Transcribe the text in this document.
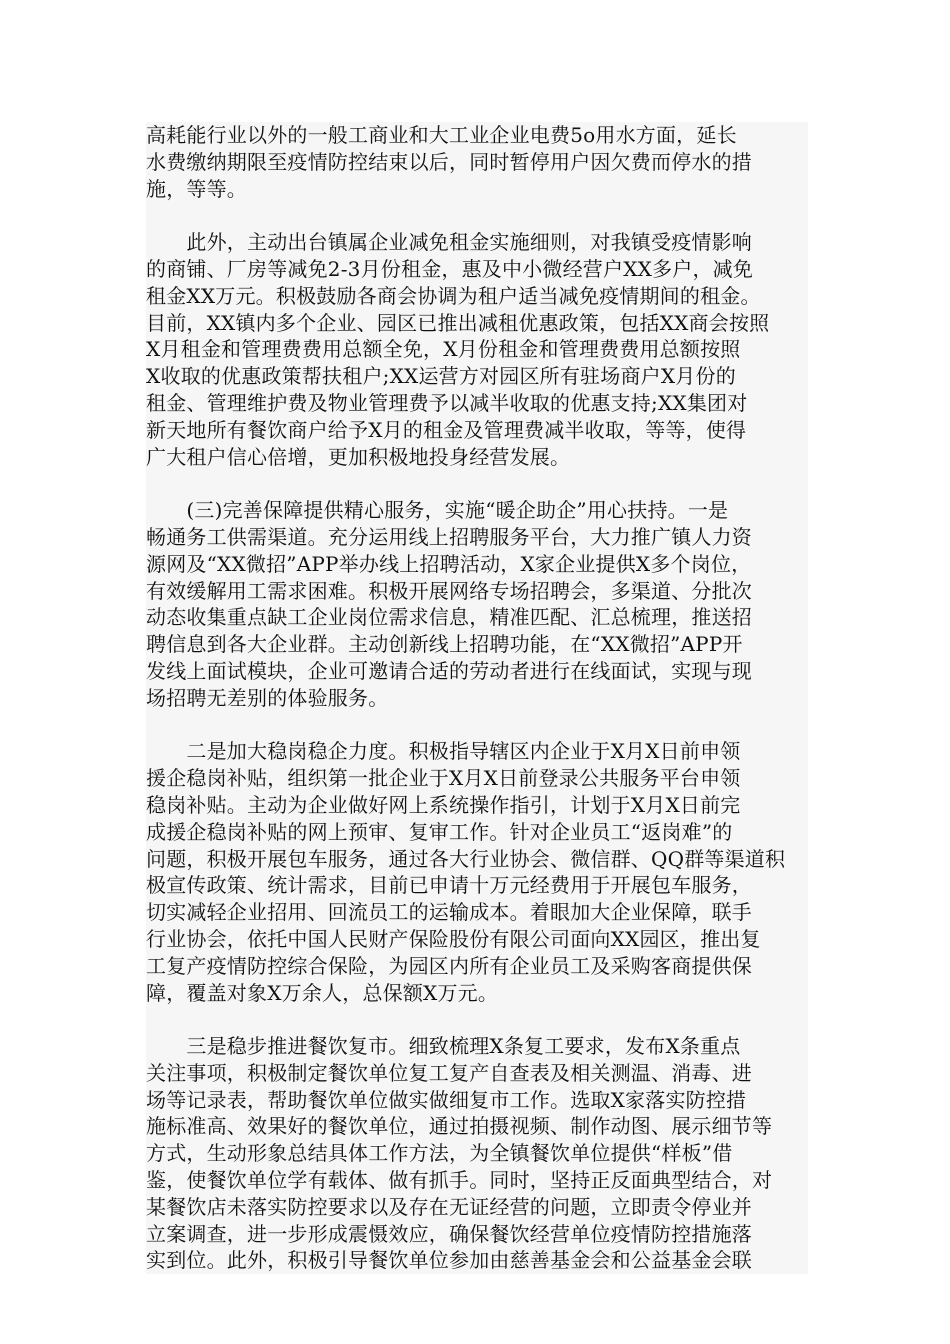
高耗能行业以外的一般工商业和大工业企业电费5o用水方面，延长
水费缴纳期限至疫情防控结束以后，同时暂停用户因欠费而停水的措
施，等等。
　　此外，主动出台镇属企业减免租金实施细则，对我镇受疫情影响
的商铺、厂房等减免2-3月份租金，惠及中小微经营户XX多户，减免
租金XX万元。积极鼓励各商会协调为租户适当减免疫情期间的租金。
目前，XX镇内多个企业、园区已推出减租优惠政策，包括XX商会按照
X月租金和管理费费用总额全免，X月份租金和管理费费用总额按照
X收取的优惠政策帮扶租户;XX运营方对园区所有驻场商户X月份的
租金、管理维护费及物业管理费予以减半收取的优惠支持;XX集团对
新天地所有餐饮商户给予X月的租金及管理费减半收取，等等，使得
广大租户信心倍增，更加积极地投身经营发展。
　　(三)完善保障提供精心服务，实施“暖企助企”用心扶持。一是
畅通务工供需渠道。充分运用线上招聘服务平台，大力推广镇人力资
源网及“XX微招”APP举办线上招聘活动，X家企业提供X多个岗位，
有效缓解用工需求困难。积极开展网络专场招聘会，多渠道、分批次
动态收集重点缺工企业岗位需求信息，精准匹配、汇总梳理，推送招
聘信息到各大企业群。主动创新线上招聘功能，在“XX微招”APP开
发线上面试模块，企业可邀请合适的劳动者进行在线面试，实现与现
场招聘无差别的体验服务。
　　二是加大稳岗稳企力度。积极指导辖区内企业于X月X日前申领
援企稳岗补贴，组织第一批企业于X月X日前登录公共服务平台申领
稳岗补贴。主动为企业做好网上系统操作指引，计划于X月X日前完
成援企稳岗补贴的网上预审、复审工作。针对企业员工“返岗难”的
问题，积极开展包车服务，通过各大行业协会、微信群、QQ群等渠道积
极宣传政策、统计需求，目前已申请十万元经费用于开展包车服务，
切实减轻企业招用、回流员工的运输成本。着眼加大企业保障，联手
行业协会，依托中国人民财产保险股份有限公司面向XX园区，推出复
工复产疫情防控综合保险，为园区内所有企业员工及采购客商提供保
障，覆盖对象X万余人，总保额X万元。
　　三是稳步推进餐饮复市。细致梳理X条复工要求，发布X条重点
关注事项，积极制定餐饮单位复工复产自查表及相关测温、消毒、进
场等记录表，帮助餐饮单位做实做细复市工作。选取X家落实防控措
施标准高、效果好的餐饮单位，通过拍摄视频、制作动图、展示细节等
方式，生动形象总结具体工作方法，为全镇餐饮单位提供“样板”借
鉴，使餐饮单位学有载体、做有抓手。同时，坚持正反面典型结合，对
某餐饮店未落实防控要求以及存在无证经营的问题，立即责令停业并
立案调查，进一步形成震慑效应，确保餐饮经营单位疫情防控措施落
实到位。此外，积极引导餐饮单位参加由慈善基金会和公益基金会联
